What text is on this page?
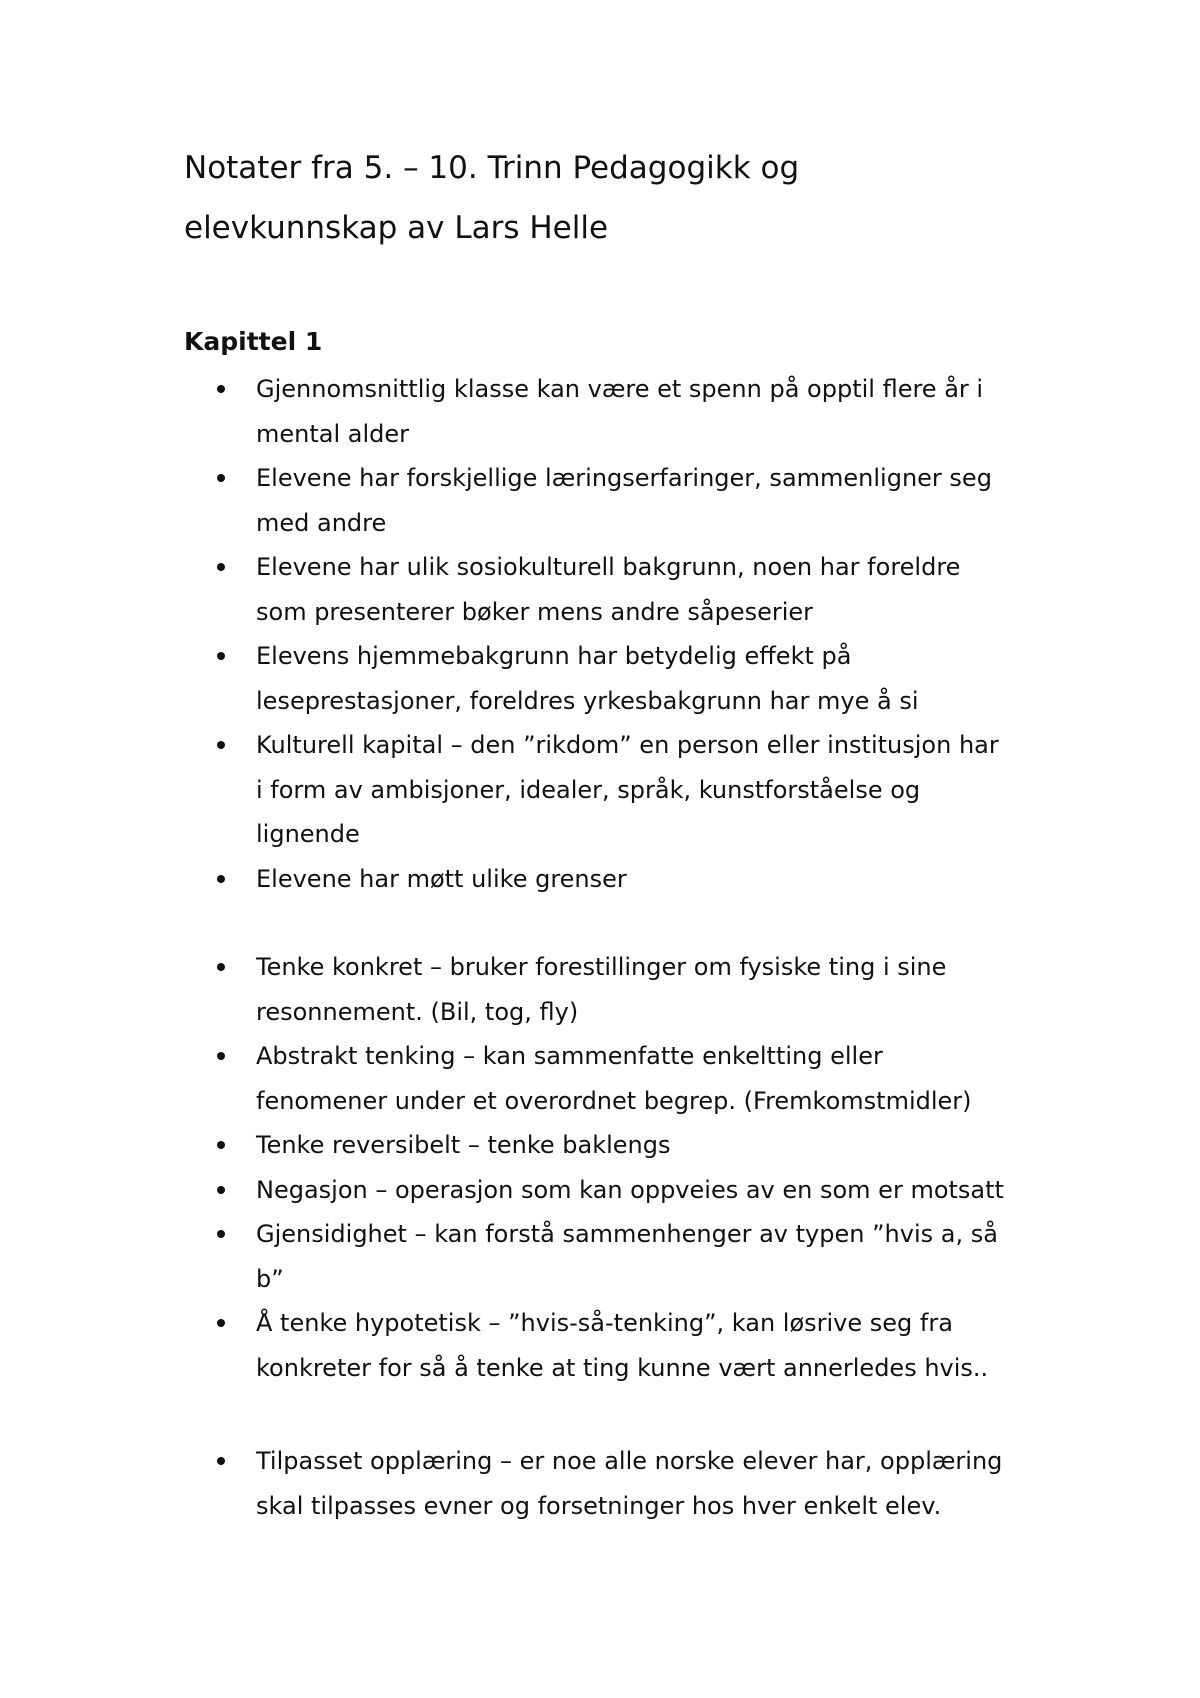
Notater fra 5. – 10. Trinn Pedagogikk og
elevkunnskap av Lars Helle
Kapittel 1
Gjennomsnittlig klasse kan være et spenn på opptil flere år i
mental alder
Elevene har forskjellige læringserfaringer, sammenligner seg
med andre
Elevene har ulik sosiokulturell bakgrunn, noen har foreldre
som presenterer bøker mens andre såpeserier
Elevens hjemmebakgrunn har betydelig effekt på
leseprestasjoner, foreldres yrkesbakgrunn har mye å si
Kulturell kapital – den ”rikdom” en person eller institusjon har
i form av ambisjoner, idealer, språk, kunstforståelse og
lignende
Elevene har møtt ulike grenser
Tenke konkret – bruker forestillinger om fysiske ting i sine
resonnement. (Bil, tog, fly)
Abstrakt tenking – kan sammenfatte enkeltting eller
fenomener under et overordnet begrep. (Fremkomstmidler)
Tenke reversibelt – tenke baklengs
Negasjon – operasjon som kan oppveies av en som er motsatt
Gjensidighet – kan forstå sammenhenger av typen ”hvis a, så
b”
Å tenke hypotetisk – ”hvis-så-tenking”, kan løsrive seg fra
konkreter for så å tenke at ting kunne vært annerledes hvis..
Tilpasset opplæring – er noe alle norske elever har, opplæring
skal tilpasses evner og forsetninger hos hver enkelt elev.
